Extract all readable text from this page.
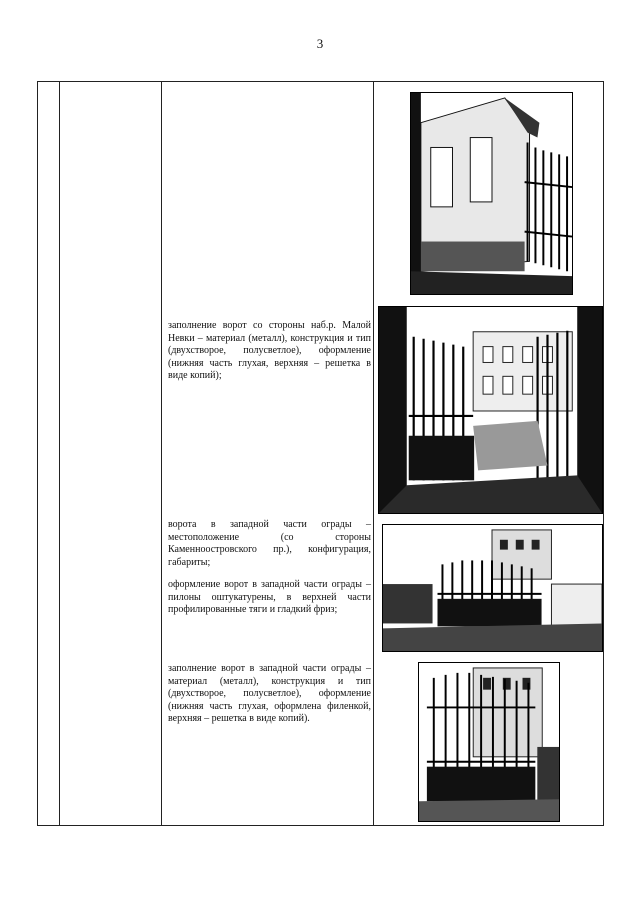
3
заполнение ворот со стороны наб.р. Малой Невки – материал (металл), конструкция и тип (двухстворое, полусветлое), оформление (нижняя часть глухая, верхняя – решетка в виде копий);
ворота в западной части ограды – местоположение (со стороны Каменноостровского пр.), конфигурация, габариты;
оформление ворот в западной части ограды – пилоны оштукатурены, в верхней части профилированные тяги и гладкий фриз;
заполнение ворот в западной части ограды – материал (металл), конструкция и тип (двухстворое, полусветлое), оформление (нижняя часть глухая, оформлена филенкой, верхняя – решетка в виде копий).
